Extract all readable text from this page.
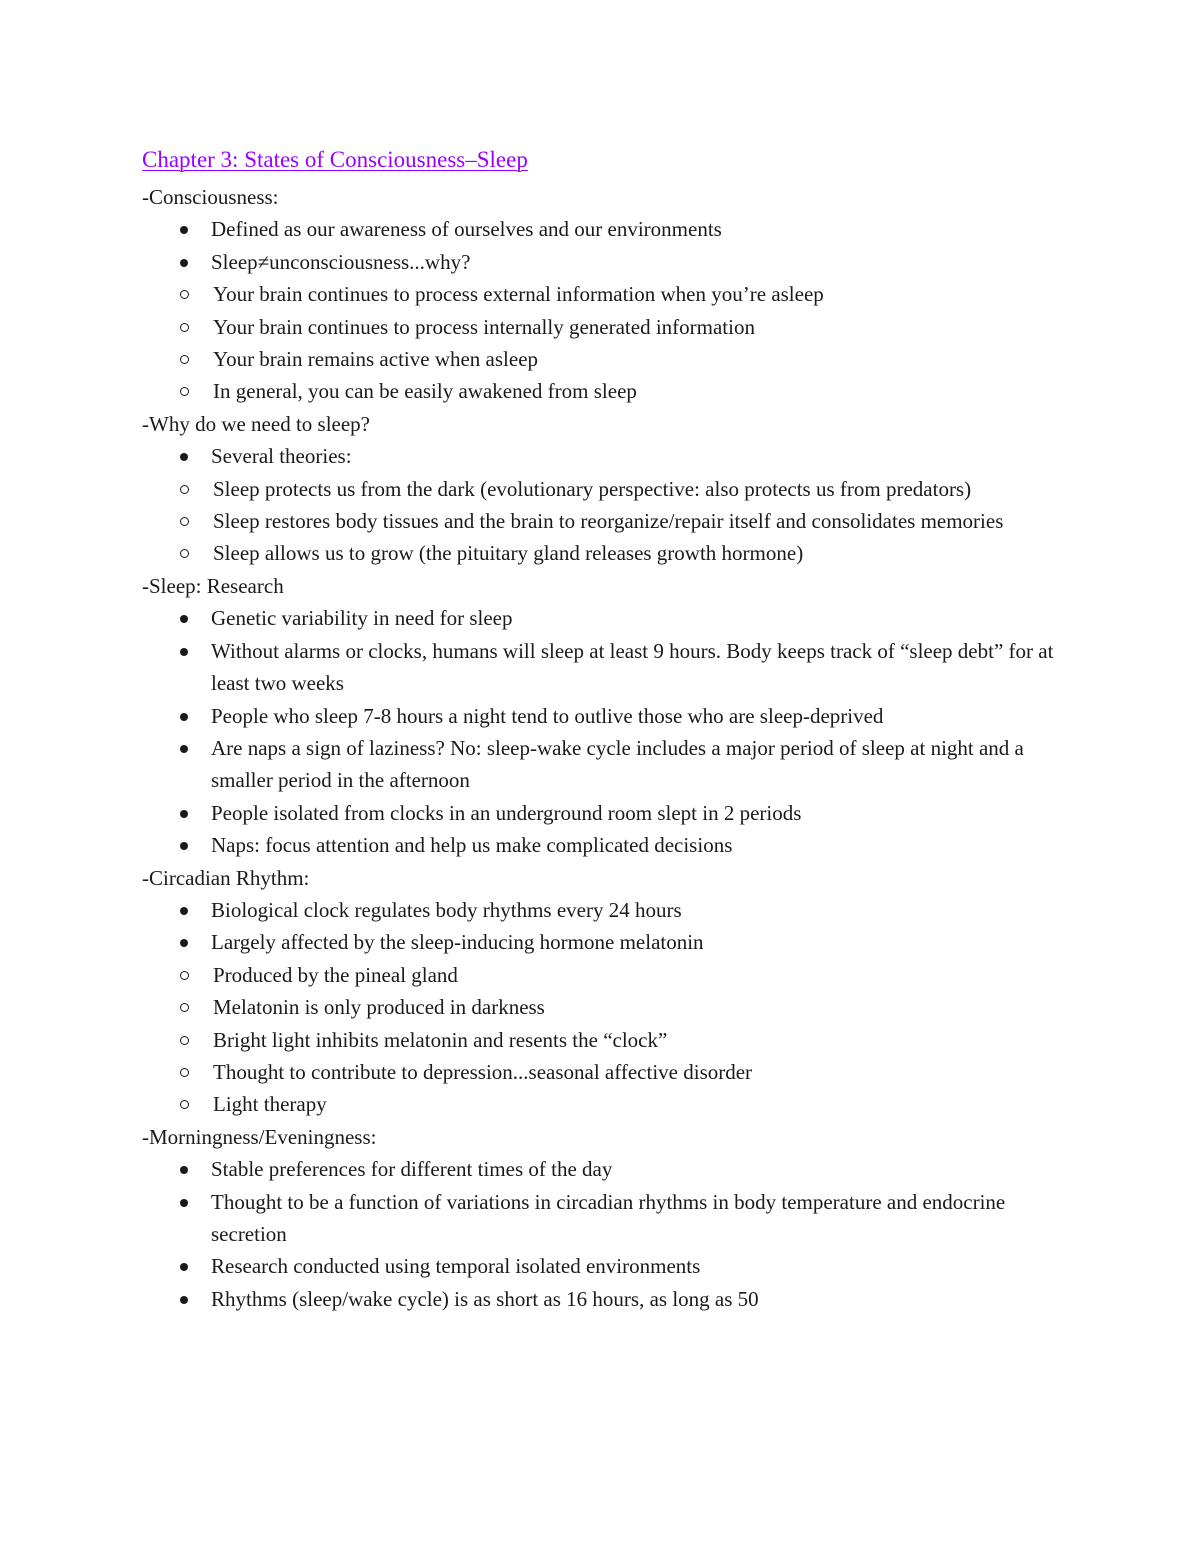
Chapter 3: States of Consciousness–Sleep

-Consciousness:

Defined as our awareness of ourselves and our environments
Sleep≠unconsciousness...why?
Your brain continues to process external information when you’re asleep
Your brain continues to process internally generated information
Your brain remains active when asleep
In general, you can be easily awakened from sleep

-Why do we need to sleep?

Several theories:
Sleep protects us from the dark (evolutionary perspective: also protects us from predators)
Sleep restores body tissues and the brain to reorganize/repair itself and consolidates memories
Sleep allows us to grow (the pituitary gland releases growth hormone)

-Sleep: Research

Genetic variability in need for sleep
Without alarms or clocks, humans will sleep at least 9 hours. Body keeps track of “sleep debt” for at least two weeks
People who sleep 7-8 hours a night tend to outlive those who are sleep-deprived
Are naps a sign of laziness? No: sleep-wake cycle includes a major period of sleep at night and a smaller period in the afternoon
People isolated from clocks in an underground room slept in 2 periods
Naps: focus attention and help us make complicated decisions

-Circadian Rhythm:

Biological clock regulates body rhythms every 24 hours
Largely affected by the sleep-inducing hormone melatonin
Produced by the pineal gland
Melatonin is only produced in darkness
Bright light inhibits melatonin and resents the “clock”
Thought to contribute to depression...seasonal affective disorder
Light therapy

-Morningness/Eveningness:

Stable preferences for different times of the day
Thought to be a function of variations in circadian rhythms in body temperature and endocrine secretion
Research conducted using temporal isolated environments
Rhythms (sleep/wake cycle) is as short as 16 hours, as long as 50
